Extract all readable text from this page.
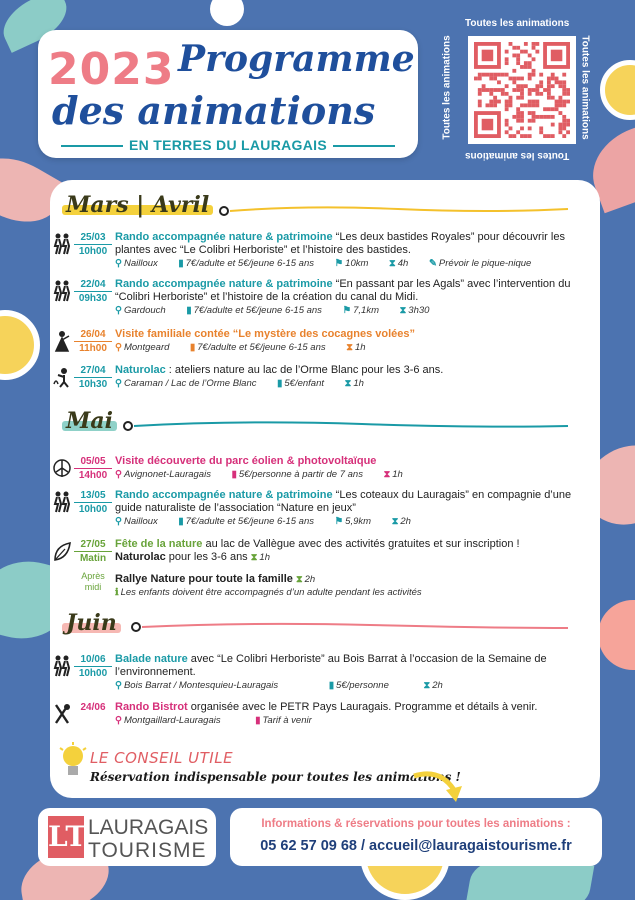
2023 Programme
des animations
EN TERRES DU LAURAGAIS
Toutes les animations
Toutes les animations
Toutes les animations	Toutes les animations
Mars | Avril
25/03
10h00
Rando accompagnée nature & patrimoine “Les deux bastides Royales” pour découvrir les plantes avec “Le Colibri Herboriste” et l’histoire des bastides.
⚲ Nailloux ▮ 7€/adulte et 5€/jeune 6-15 ans ⚑ 10km ⧗ 4h ✎ Prévoir le pique-nique
22/04
09h30
Rando accompagnée nature & patrimoine “En passant par les Agals” avec l’intervention du “Colibri Herboriste” et l’histoire de la création du canal du Midi.
⚲ Gardouch ▮ 7€/adulte et 5€/jeune 6-15 ans ⚑ 7,1km ⧗ 3h30
26/04
11h00
Visite familiale contée “Le mystère des cocagnes volées”
⚲ Montgeard ▮ 7€/adulte et 5€/jeune 6-15 ans ⧗ 1h
27/04
10h30
Naturolac : ateliers nature au lac de l’Orme Blanc pour les 3-6 ans.
⚲ Caraman / Lac de l’Orme Blanc ▮ 5€/enfant ⧗ 1h
Mai
05/05
14h00
Visite découverte du parc éolien & photovoltaïque
⚲ Avignonet-Lauragais ▮ 5€/personne à partir de 7 ans ⧗ 1h
13/05
10h00
Rando accompagnée nature & patrimoine “Les coteaux du Lauragais” en compagnie d’une guide naturaliste de l’association “Nature en jeux”
⚲ Nailloux ▮ 7€/adulte et 5€/jeune 6-15 ans ⚑ 5,9km ⧗ 2h
27/05
Matin
Fête de la nature au lac de Vallègue avec des activités gratuites et sur inscription !
Naturolac pour les 3-6 ans ⧗ 1h
Après
midi
Rallye Nature pour toute la famille ⧗ 2h
ℹ Les enfants doivent être accompagnés d’un adulte pendant les activités
Juin
10/06
10h00
Balade nature avec “Le Colibri Herboriste” au Bois Barrat à l’occasion de la Semaine de l’environnement.
⚲ Bois Barrat / Montesquieu-Lauragais	▮ 5€/personne	⧗ 2h
24/06 Rando Bistrot organisée avec le PETR Pays Lauragais. Programme et détails à venir.
⚲ Montgaillard-Lauragais	▮ Tarif à venir
LE CONSEIL UTILE
Réservation indispensable pour toutes les animations !
LT LAURAGAIS
TOURISME
Informations & réservations pour toutes les animations :
05 62 57 09 68 / accueil@lauragaistourisme.fr
